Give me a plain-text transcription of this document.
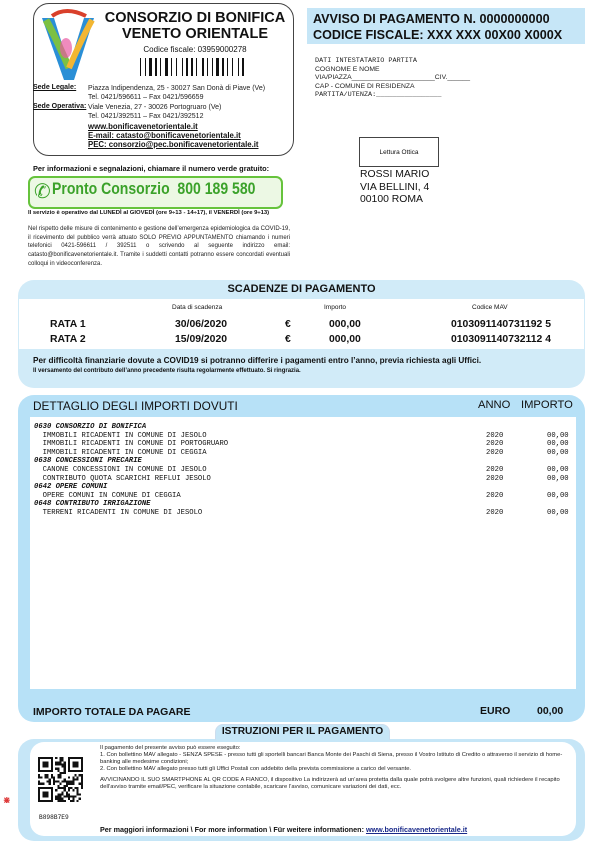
CONSORZIO DI BONIFICA
VENETO ORIENTALE
Codice fiscale: 03959000278
Sede Legale: Piazza Indipendenza, 25 - 30027 San Donà di Piave (Ve)
Tel. 0421/596611 – Fax 0421/596659
Sede Operativa: Viale Venezia, 27 - 30026 Portogruaro (Ve)
Tel. 0421/392511 – Fax 0421/392512
www.bonificavenetorientale.it
E-mail: catasto@bonificavenetorientale.it
PEC: consorzio@pec.bonificavenetorientale.it
AVVISO DI PAGAMENTO N. 0000000000
CODICE FISCALE: XXX XXX 00X00 X000X
DATI INTESTATARIO PARTITA
COGNOME E NOME
VIA/PIAZZA______________________CIV.______
CAP - COMUNE DI RESIDENZA
PARTITA/UTENZA:________________
Lettura Ottica
ROSSI MARIO
VIA BELLINI, 4
00100 ROMA
Per informazioni e segnalazioni, chiamare il numero verde gratuito:
✆ Pronto Consorzio  800 189 580
Il servizio è operativo dal LUNEDÌ al GIOVEDÌ (ore 9÷13 - 14÷17), il VENERDÌ (ore 9÷13)
Nel rispetto delle misure di contenimento e gestione dell’emergenza epidemiologica da COVID-19, il ricevimento del pubblico verrà attuato SOLO PREVIO APPUNTAMENTO chiamando i numeri telefonici 0421-596611 / 392511 o scrivendo al seguente indirizzo email: catasto@bonificavenetorientale.it. Tramite i suddetti contatti potranno essere concordati eventuali colloqui in videoconferenza.
SCADENZE DI PAGAMENTO
Data di scadenza	Importo	Codice MAV
RATA 1	30/06/2020	€	000,00	0103091140731192 5
RATA 2	15/09/2020	€	000,00	0103091140732112 4
Per difficoltà finanziarie dovute a COVID19 si potranno differire i pagamenti entro l’anno, previa richiesta agli Uffici.
Il versamento del contributo dell’anno precedente risulta regolarmente effettuato. Si ringrazia.
DETTAGLIO DEGLI IMPORTI DOVUTI	ANNO IMPORTO
0630 CONSORZIO DI BONIFICA
IMMOBILI RICADENTI IN COMUNE DI JESOLO	2020	00,00
IMMOBILI RICADENTI IN COMUNE DI PORTOGRUARO	2020	00,00
IMMOBILI RICADENTI IN COMUNE DI CEGGIA	2020	00,00
0638 CONCESSIONI PRECARIE
CANONE CONCESSIONI IN COMUNE DI JESOLO	2020	00,00
CONTRIBUTO QUOTA SCARICHI REFLUI JESOLO	2020	00,00
0642 OPERE COMUNI
OPERE COMUNI IN COMUNE DI CEGGIA	2020	00,00
0648 CONTRIBUTO IRRIGAZIONE
TERRENI RICADENTI IN COMUNE DI JESOLO	2020	00,00
IMPORTO TOTALE DA PAGARE	EURO	00,00
ISTRUZIONI PER IL PAGAMENTO
B898B7E9
Il pagamento del presente avviso può essere eseguito:
1. Con bollettino MAV allegato - SENZA SPESE - presso tutti gli sportelli bancari Banca Monte dei Paschi di Siena, presso il Vostro Istituto di Credito o attraverso il servizio di home-banking alle medesime condizioni;
2. Con bollettino MAV allegato presso tutti gli Uffici Postali con addebito della prevista commissione a carico del versante.
AVVICINANDO IL SUO SMARTPHONE AL QR CODE A FIANCO, il dispositivo La indirizzerà ad un’area protetta dalla quale potrà svolgere altre funzioni, quali richiedere il recapito dell’avviso tramite email/PEC, verificare la situazione contabile, scaricare l’avviso, comunicare variazioni dei dati, ecc.
Per maggiori informazioni \ For more information \ Für weitere informationen: www.bonificavenetorientale.it
⋇
